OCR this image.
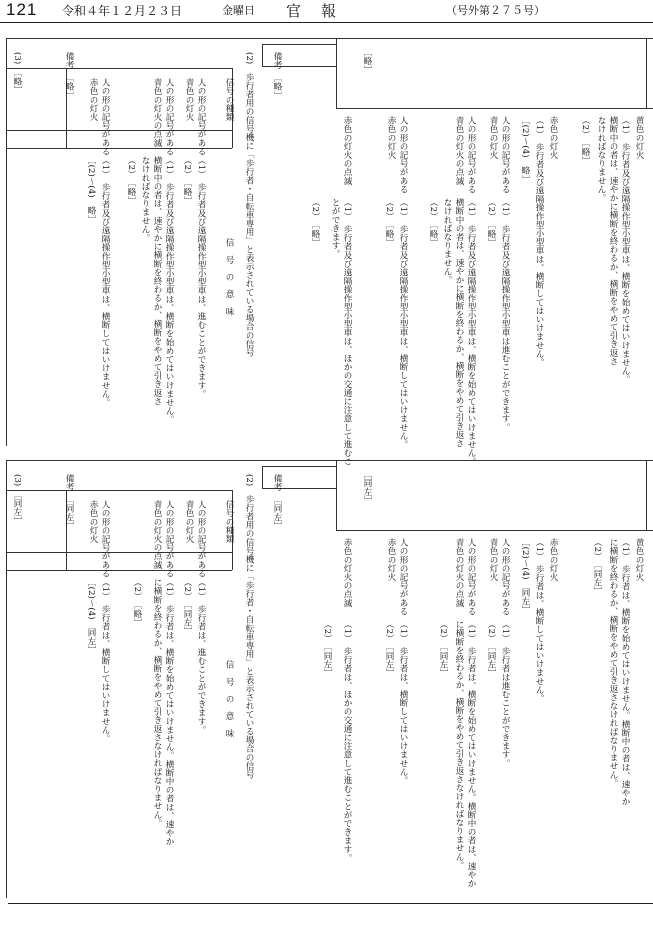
121 令和４年１２月２３日	金曜日 官報	（号外第２７５号）

黄色の灯火

（1）　歩行者及び遠隔操作型小型車は、横断を始めてはいけません。

横断中の者は、速やかに横断を終わるか、横断をやめて引き返さ

なければなりません。

（2）　［略］

赤色の灯火

（1）　歩行者及び遠隔操作型小型車は、横断してはいけません。

［(2)〜(4)　略］

人の形の記号がある

青色の灯火

（1）　歩行者及び遠隔操作型小型車は進むことができます。

（2）　［略］

人の形の記号がある

青色の灯火の点滅

（1）　歩行者及び遠隔操作型小型車は、横断を始めてはいけません。

横断中の者は、速やかに横断を終わるか、横断をやめて引き返さ

なければなりません。

（2）　［略］

人の形の記号がある

赤色の灯火

（1）　歩行者及び遠隔操作型小型車は、横断してはいけません。

（2）　［略］

［略］

赤色の灯火の点滅

（1）　歩行者及び遠隔操作型小型車は、ほかの交通に注意して進むこ

とができます。

（2）　［略］

備考　［略］

(2)　歩行者用の信号機に「歩行者・自転車専用」と表示されている場合の信号

信号の種類

信　号　の　意　味

人の形の記号がある

青色の灯火

（1）　歩行者及び遠隔操作型小型車は、進むことができます。

（2）　［略］

人の形の記号がある

青色の灯火の点滅

（1）　歩行者及び遠隔操作型小型車は、横断を始めてはいけません。

横断中の者は、速やかに横断を終わるか、横断をやめて引き返さ

なければなりません。

（2）　［略］

人の形の記号がある

赤色の灯火

（1）　歩行者及び遠隔操作型小型車は、横断してはいけません。

［(2)〜(4)　略］

備考　［略］

(3)　［略］

黄色の灯火

（1）　歩行者は、横断を始めてはいけません。横断中の者は、速やか

に横断を終わるか、横断をやめて引き返さなければなりません。

（2）　［同左］

赤色の灯火

（1）　歩行者は、横断してはいけません。

［(2)〜(4)　同左］

人の形の記号がある

青色の灯火

（1）　歩行者は進むことができます。

（2）　［同左］

人の形の記号がある

青色の灯火の点滅

（1）　歩行者は、横断を始めてはいけません。横断中の者は、速やか

に横断を終わるか、横断をやめて引き返さなければなりません。

（2）　［同左］

人の形の記号がある

赤色の灯火

（1）　歩行者は、横断してはいけません。

（2）　［同左］

［同左］

赤色の灯火の点滅

（1）　歩行者は、ほかの交通に注意して進むことができます。

（2）　［同左］

備考　［同左］

(2)　歩行者用の信号機に「歩行者・自転車専用」と表示されている場合の信号

信号の種類

信　号　の　意　味

人の形の記号がある

青色の灯火

（1）　歩行者は、進むことができます。

（2）　［同左］

人の形の記号がある

青色の灯火の点滅

（1）　歩行者は、横断を始めてはいけません。横断中の者は、速やか

に横断を終わるか、横断をやめて引き返さなければなりません。

（2）　［略］

人の形の記号がある

赤色の灯火

（1）　歩行者は、横断してはいけません。

［(2)〜(4)　同左］

備考　［同左］

(3)　［同左］
